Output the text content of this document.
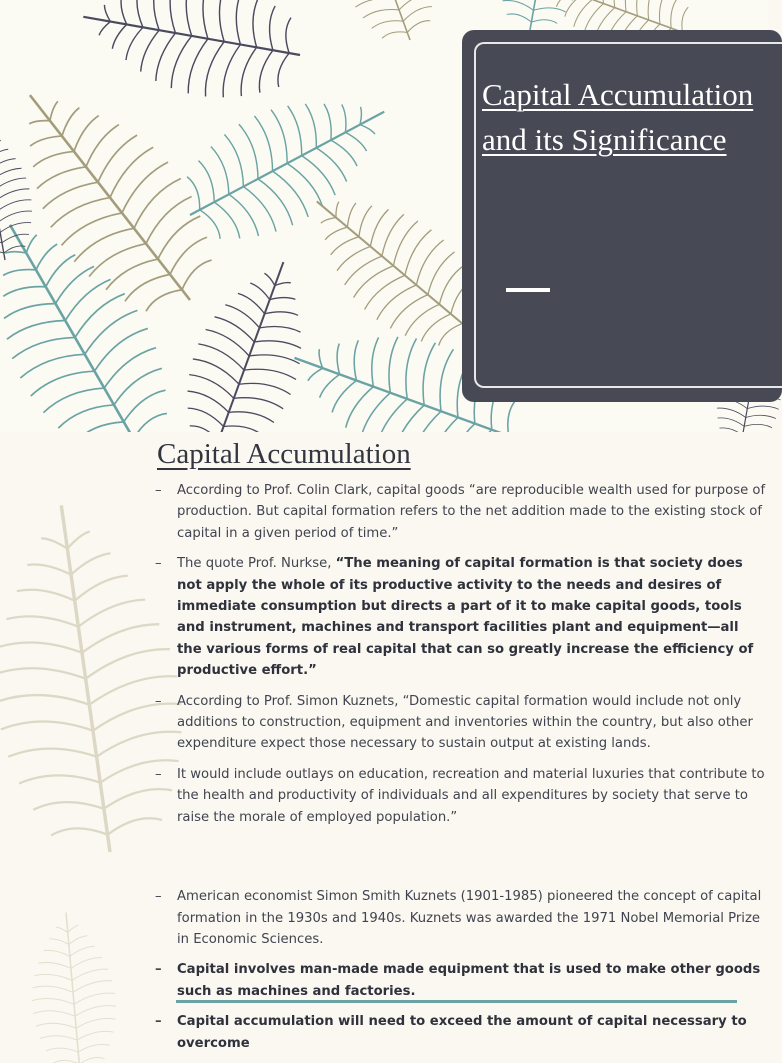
Capital Accumulation and its Significance
Capital Accumulation
– According to Prof. Colin Clark, capital goods “are reproducible wealth used for purpose of production. But capital formation refers to the net addition made to the existing stock of capital in a given period of time.”
– The quote Prof. Nurkse, “The meaning of capital formation is that society does not apply the whole of its productive activity to the needs and desires of immediate consumption but directs a part of it to make capital goods, tools and instrument, machines and transport facilities plant and equipment—all the various forms of real capital that can so greatly increase the efficiency of productive effort.”
– According to Prof. Simon Kuznets, “Domestic capital formation would include not only additions to construction, equipment and inventories within the country, but also other expenditure expect those necessary to sustain output at existing lands.
– It would include outlays on education, recreation and material luxuries that contribute to the health and productivity of individuals and all expenditures by society that serve to raise the morale of employed population.”
– American economist Simon Smith Kuznets (1901-1985) pioneered the concept of capital formation in the 1930s and 1940s. Kuznets was awarded the 1971 Nobel Memorial Prize in Economic Sciences.
– Capital involves man-made made equipment that is used to make other goods such as machines and factories.
– Capital accumulation will need to exceed the amount of capital necessary to overcome
